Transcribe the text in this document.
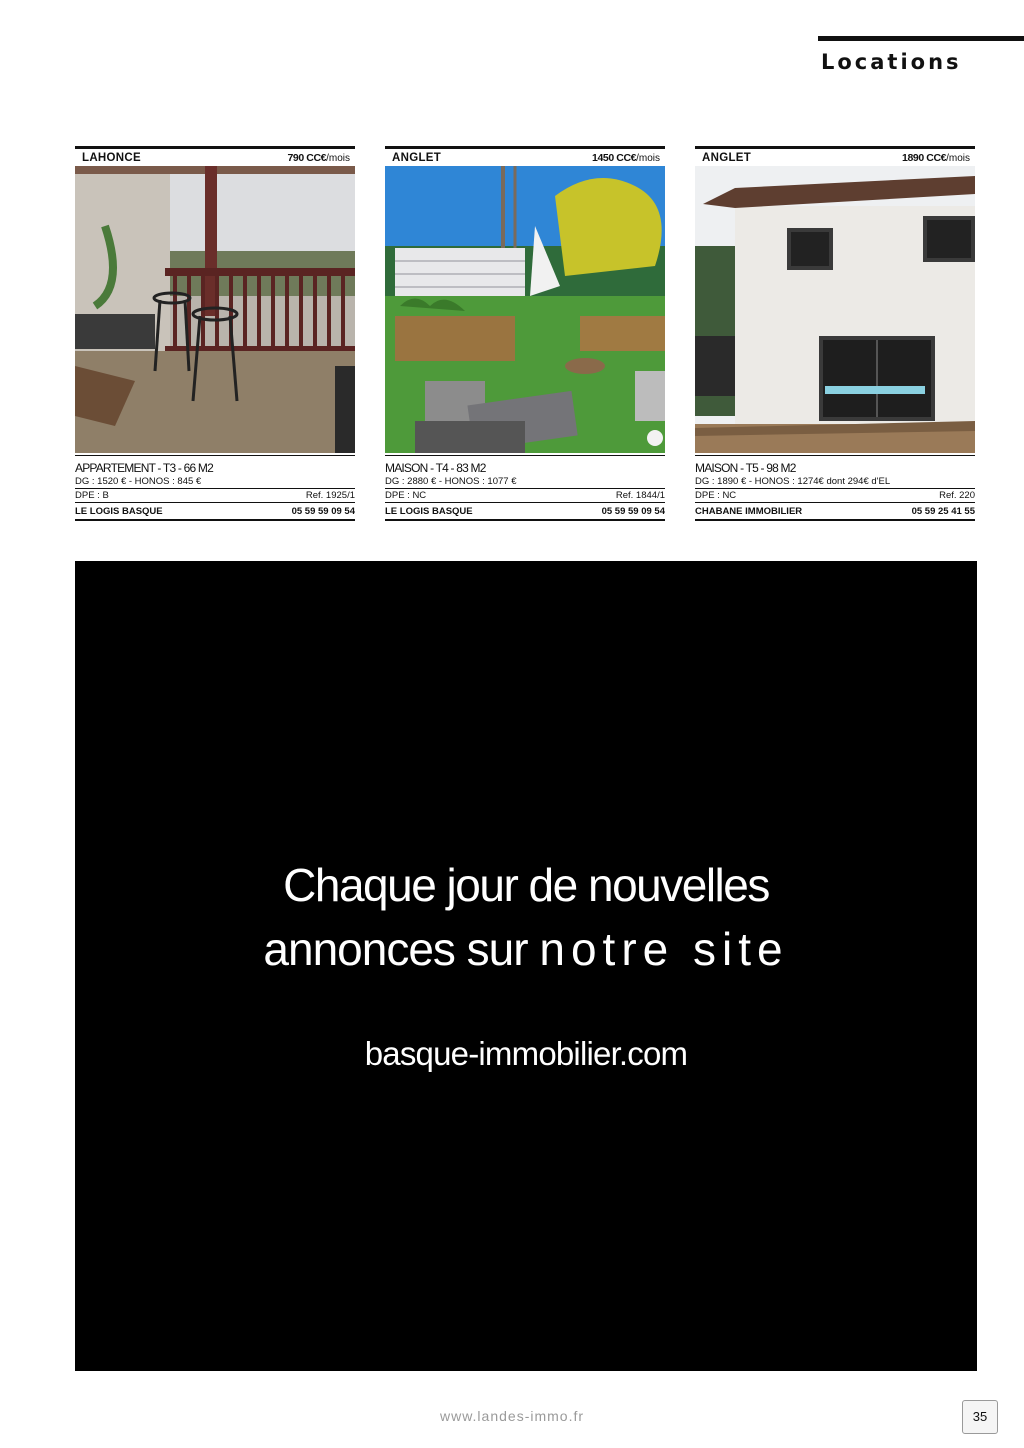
Locations
LAHONCE	790 CC€/mois
APPARTEMENT - T3 - 66 M2
DG : 1520 € - HONOS : 845 €
DPE : B	Ref. 1925/1
LE LOGIS BASQUE	05 59 59 09 54
ANGLET	1450 CC€/mois
MAISON - T4 - 83 M2
DG : 2880 € - HONOS : 1077 €
DPE : NC	Ref. 1844/1
LE LOGIS BASQUE	05 59 59 09 54
ANGLET	1890 CC€/mois
MAISON - T5 - 98 M2
DG : 1890 € - HONOS : 1274€ dont 294€ d'EL
DPE : NC	Ref. 220
CHABANE IMMOBILIER	05 59 25 41 55
Chaque jour de nouvelles
annonces sur notre site
basque-immobilier.com
www.landes-immo.fr	35
